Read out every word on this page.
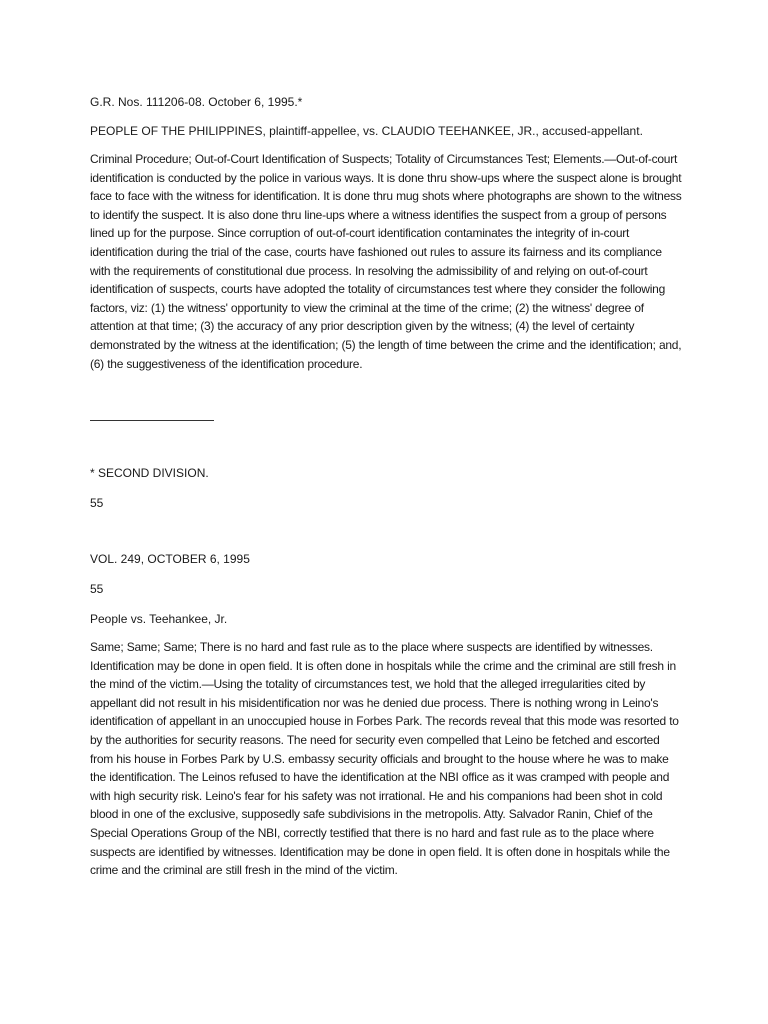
G.R. Nos. 111206-08. October 6, 1995.*
PEOPLE OF THE PHILIPPINES, plaintiff-appellee, vs. CLAUDIO TEEHANKEE, JR., accused-appellant.
Criminal Procedure; Out-of-Court Identification of Suspects; Totality of Circumstances Test; Elements.—Out-of-court identification is conducted by the police in various ways. It is done thru show-ups where the suspect alone is brought face to face with the witness for identification. It is done thru mug shots where photographs are shown to the witness to identify the suspect. It is also done thru line-ups where a witness identifies the suspect from a group of persons lined up for the purpose. Since corruption of out-of-court identification contaminates the integrity of in-court identification during the trial of the case, courts have fashioned out rules to assure its fairness and its compliance with the requirements of constitutional due process. In resolving the admissibility of and relying on out-of-court identification of suspects, courts have adopted the totality of circumstances test where they consider the following factors, viz: (1) the witness' opportunity to view the criminal at the time of the crime; (2) the witness' degree of attention at that time; (3) the accuracy of any prior description given by the witness; (4) the level of certainty demonstrated by the witness at the identification; (5) the length of time between the crime and the identification; and, (6) the suggestiveness of the identification procedure.
* SECOND DIVISION.
55
VOL. 249, OCTOBER 6, 1995
55
People vs. Teehankee, Jr.
Same; Same; Same; There is no hard and fast rule as to the place where suspects are identified by witnesses. Identification may be done in open field. It is often done in hospitals while the crime and the criminal are still fresh in the mind of the victim.—Using the totality of circumstances test, we hold that the alleged irregularities cited by appellant did not result in his misidentification nor was he denied due process. There is nothing wrong in Leino's identification of appellant in an unoccupied house in Forbes Park. The records reveal that this mode was resorted to by the authorities for security reasons. The need for security even compelled that Leino be fetched and escorted from his house in Forbes Park by U.S. embassy security officials and brought to the house where he was to make the identification. The Leinos refused to have the identification at the NBI office as it was cramped with people and with high security risk. Leino's fear for his safety was not irrational. He and his companions had been shot in cold blood in one of the exclusive, supposedly safe subdivisions in the metropolis. Atty. Salvador Ranin, Chief of the Special Operations Group of the NBI, correctly testified that there is no hard and fast rule as to the place where suspects are identified by witnesses. Identification may be done in open field. It is often done in hospitals while the crime and the criminal are still fresh in the mind of the victim.
